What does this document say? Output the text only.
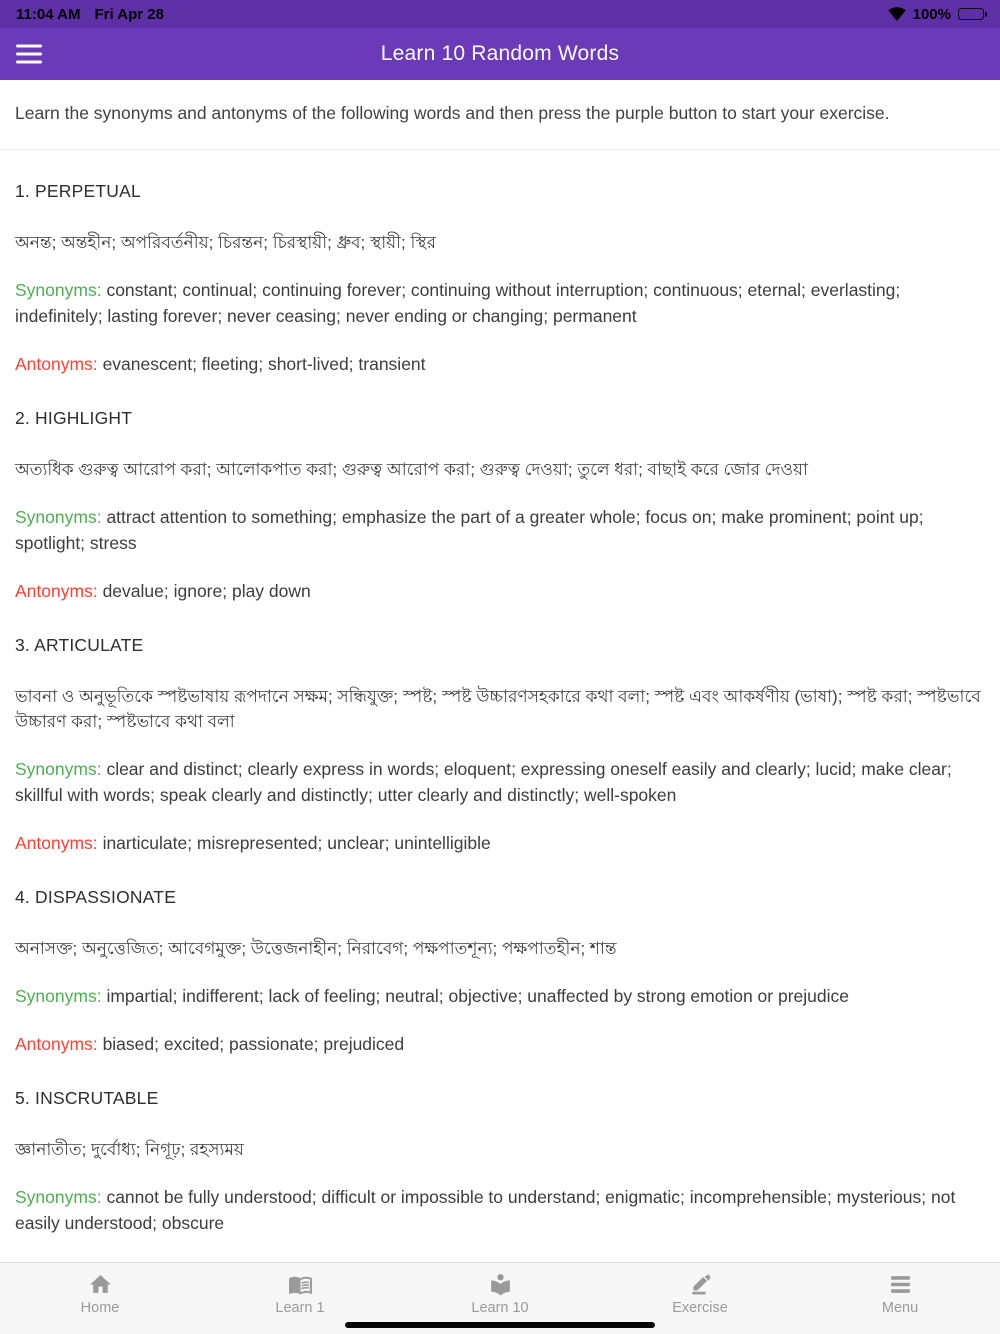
11:04 AM Fri Apr 28	100%
Learn 10 Random Words

Learn the synonyms and antonyms of the following words and then press the purple button to start your exercise.

1. PERPETUAL

অনন্ত; অন্তহীন; অপরিবর্তনীয়; চিরন্তন; চিরস্থায়ী; ধ্রুব; স্থায়ী; স্থির

Synonyms: constant; continual; continuing forever; continuing without interruption; continuous; eternal; everlasting; indefinitely; lasting forever; never ceasing; never ending or changing; permanent

Antonyms: evanescent; fleeting; short-lived; transient

2. HIGHLIGHT

অত্যধিক গুরুত্ব আরোপ করা; আলোকপাত করা; গুরুত্ব আরোপ করা; গুরুত্ব দেওয়া; তুলে ধরা; বাছাই করে জোর দেওয়া

Synonyms: attract attention to something; emphasize the part of a greater whole; focus on; make prominent; point up; spotlight; stress

Antonyms: devalue; ignore; play down

3. ARTICULATE

ভাবনা ও অনুভূতিকে স্পষ্টভাষায় রূপদানে সক্ষম; সন্ধিযুক্ত; স্পষ্ট; স্পষ্ট উচ্চারণসহকারে কথা বলা; স্পষ্ট এবং আকর্ষণীয় (ভাষা); স্পষ্ট করা; স্পষ্টভাবে উচ্চারণ করা; স্পষ্টভাবে কথা বলা

Synonyms: clear and distinct; clearly express in words; eloquent; expressing oneself easily and clearly; lucid; make clear; skillful with words; speak clearly and distinctly; utter clearly and distinctly; well-spoken

Antonyms: inarticulate; misrepresented; unclear; unintelligible

4. DISPASSIONATE

অনাসক্ত; অনুত্তেজিত; আবেগমুক্ত; উত্তেজনাহীন; নিরাবেগ; পক্ষপাতশূন্য; পক্ষপাতহীন; শান্ত

Synonyms: impartial; indifferent; lack of feeling; neutral; objective; unaffected by strong emotion or prejudice

Antonyms: biased; excited; passionate; prejudiced

5. INSCRUTABLE

জ্ঞানাতীত; দুর্বোধ্য; নিগূঢ়; রহস্যময়

Synonyms: cannot be fully understood; difficult or impossible to understand; enigmatic; incomprehensible; mysterious; not easily understood; obscure

Home	Learn 1	Learn 10	Exercise	Menu
